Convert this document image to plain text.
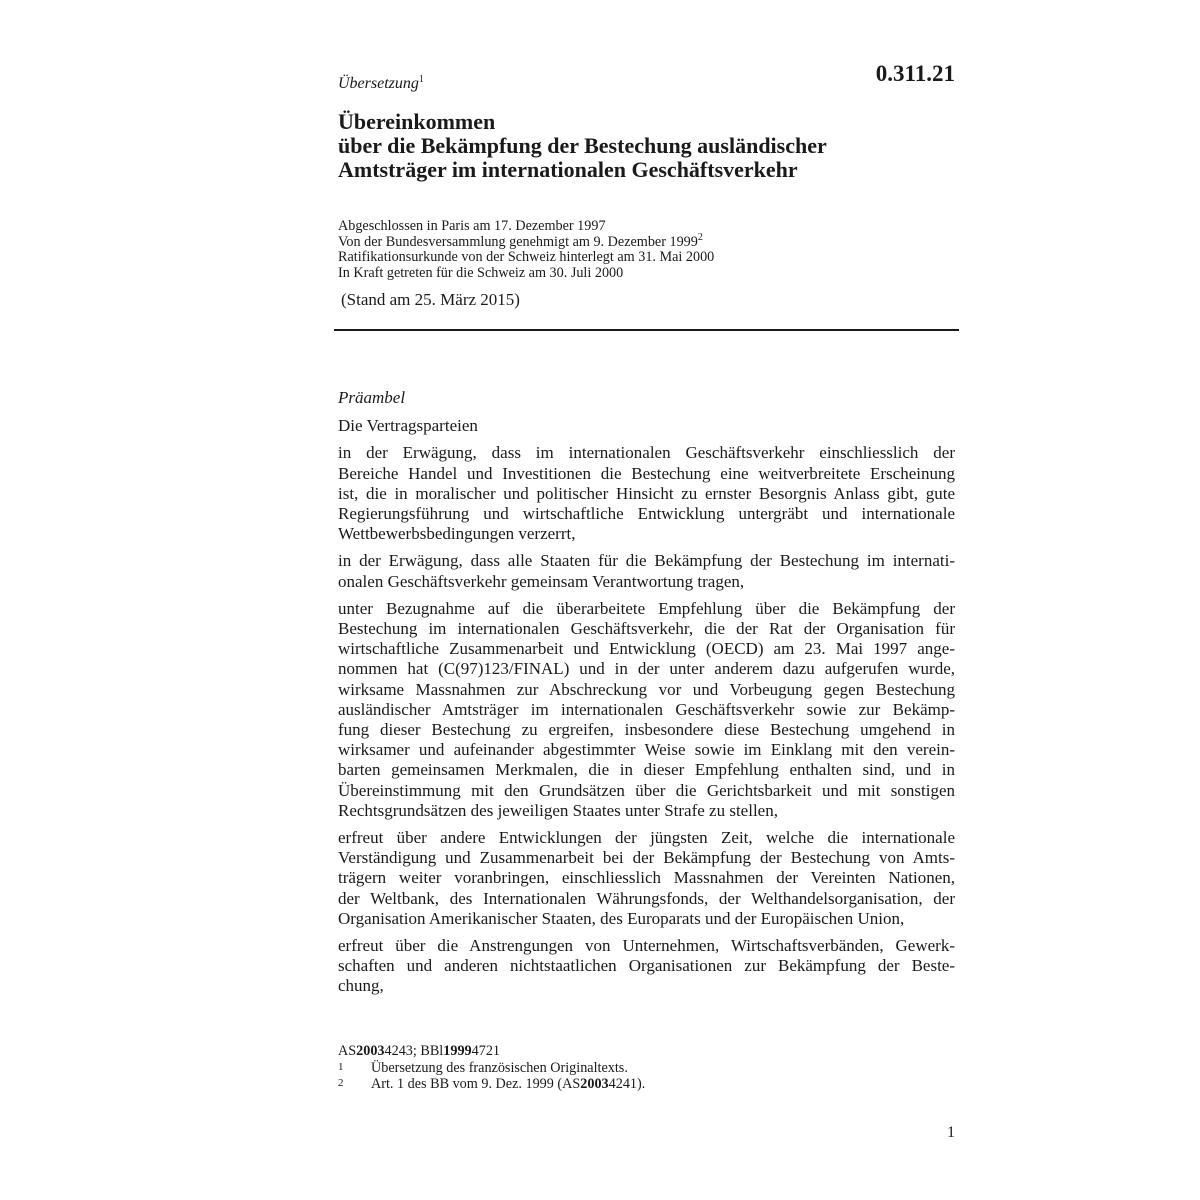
0.311.21
Übersetzung$^1$
Übereinkommen
über die Bekämpfung der Bestechung ausländischer
Amtsträger im internationalen Geschäftsverkehr
Abgeschlossen in Paris am 17. Dezember 1997
Von der Bundesversammlung genehmigt am 9. Dezember 1999$^2$
Ratifikationsurkunde von der Schweiz hinterlegt am 31. Mai 2000
In Kraft getreten für die Schweiz am 30. Juli 2000
(Stand am 25. März 2015)
Präambel
Die Vertragsparteien
in der Erwägung, dass im internationalen Geschäftsverkehr einschliesslich der
Bereiche Handel und Investitionen die Bestechung eine weitverbreitete Erscheinung
ist, die in moralischer und politischer Hinsicht zu ernster Besorgnis Anlass gibt, gute
Regierungsführung und wirtschaftliche Entwicklung untergräbt und internationale
Wettbewerbsbedingungen verzerrt,
in der Erwägung, dass alle Staaten für die Bekämpfung der Bestechung im internati-
onalen Geschäftsverkehr gemeinsam Verantwortung tragen,
unter Bezugnahme auf die überarbeitete Empfehlung über die Bekämpfung der
Bestechung im internationalen Geschäftsverkehr, die der Rat der Organisation für
wirtschaftliche Zusammenarbeit und Entwicklung (OECD) am 23. Mai 1997 ange-
nommen hat (C(97)123/FINAL) und in der unter anderem dazu aufgerufen wurde,
wirksame Massnahmen zur Abschreckung vor und Vorbeugung gegen Bestechung
ausländischer Amtsträger im internationalen Geschäftsverkehr sowie zur Bekämp-
fung dieser Bestechung zu ergreifen, insbesondere diese Bestechung umgehend in
wirksamer und aufeinander abgestimmter Weise sowie im Einklang mit den verein-
barten gemeinsamen Merkmalen, die in dieser Empfehlung enthalten sind, und in
Übereinstimmung mit den Grundsätzen über die Gerichtsbarkeit und mit sonstigen
Rechtsgrundsätzen des jeweiligen Staates unter Strafe zu stellen,
erfreut über andere Entwicklungen der jüngsten Zeit, welche die internationale
Verständigung und Zusammenarbeit bei der Bekämpfung der Bestechung von Amts-
trägern weiter voranbringen, einschliesslich Massnahmen der Vereinten Nationen,
der Weltbank, des Internationalen Währungsfonds, der Welthandelsorganisation, der
Organisation Amerikanischer Staaten, des Europarats und der Europäischen Union,
erfreut über die Anstrengungen von Unternehmen, Wirtschaftsverbänden, Gewerk-
schaften und anderen nichtstaatlichen Organisationen zur Bekämpfung der Beste-
chung,
AS 2003 4243; BBl 1999 4721
1	Übersetzung des französischen Originaltexts.
2	Art. 1 des BB vom 9. Dez. 1999 (AS 2003 4241).
1
